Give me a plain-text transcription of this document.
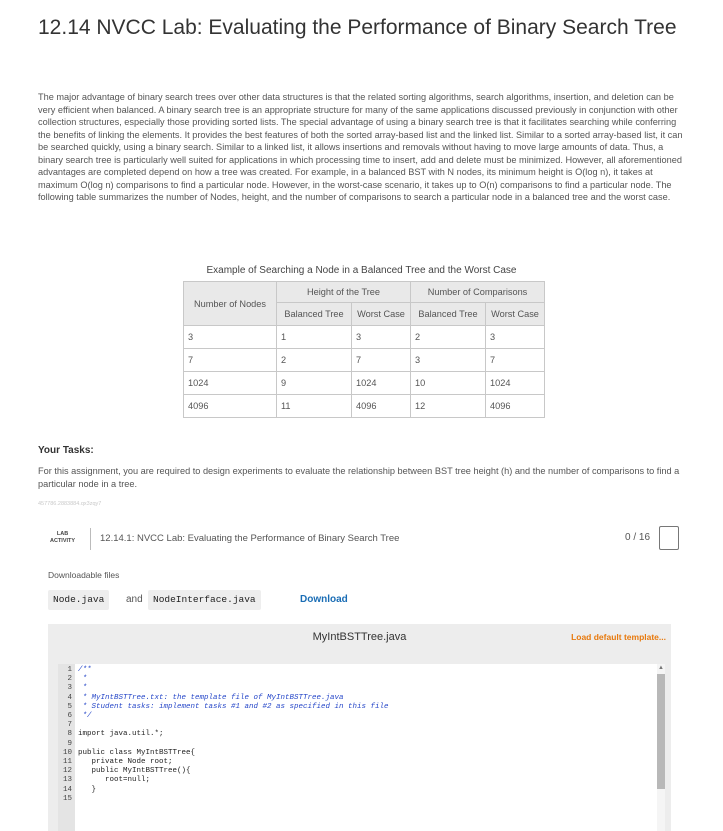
12.14 NVCC Lab: Evaluating the Performance of Binary Search Tree

The major advantage of binary search trees over other data structures is that the related sorting algorithms, search algorithms, insertion, and deletion can be very efficient when balanced. A binary search tree is an appropriate structure for many of the same applications discussed previously in conjunction with other collection structures, especially those providing sorted lists. The special advantage of using a binary search tree is that it facilitates searching while conferring the benefits of linking the elements. It provides the best features of both the sorted array-based list and the linked list. Similar to a sorted array-based list, it can be searched quickly, using a binary search. Similar to a linked list, it allows insertions and removals without having to move large amounts of data. Thus, a binary search tree is particularly well suited for applications in which processing time to insert, add and delete must be minimized. However, all aforementioned advantages are completed depend on how a tree was created. For example, in a balanced BST with N nodes, its minimum height is O(log n), it takes at maximum O(log n) comparisons to find a particular node. However, in the worst-case scenario, it takes up to O(n) comparisons to find a particular node. The following table summarizes the number of Nodes, height, and the number of comparisons to search a particular node in a balanced tree and the worst case.

Example of Searching a Node in a Balanced Tree and the Worst Case
Number of Nodes	Height of the Tree		Number of Comparisons	
	Balanced Tree	Worst Case	Balanced Tree	Worst Case
3	1	3	2	3
7	2	7	3	7
1024	9	1024	10	1024
4096	11	4096	12	4096
Your Tasks:

For this assignment, you are required to design experiments to evaluate the relationship between BST tree height (h) and the number of comparisons to find a particular node in a tree.

457786.2883884.qx3zqy7
LAB
ACTIVITY	12.14.1: NVCC Lab: Evaluating the Performance of Binary Search Tree	0 / 16
Downloadable files
Node.java	and	NodeInterface.java	Download
MyIntBSTTree.java	Load default template...
1 /**
2 *
3 *
4 * MyIntBSTTree.txt: the template file of MyIntBSTTree.java
5 * Student tasks: implement tasks #1 and #2 as specified in this file
6 */
7
8 import java.util.*;
9
10 public class MyIntBSTTree{
11   private Node root;
12   public MyIntBSTTree(){
13      root=null;
14   }
15
▲
